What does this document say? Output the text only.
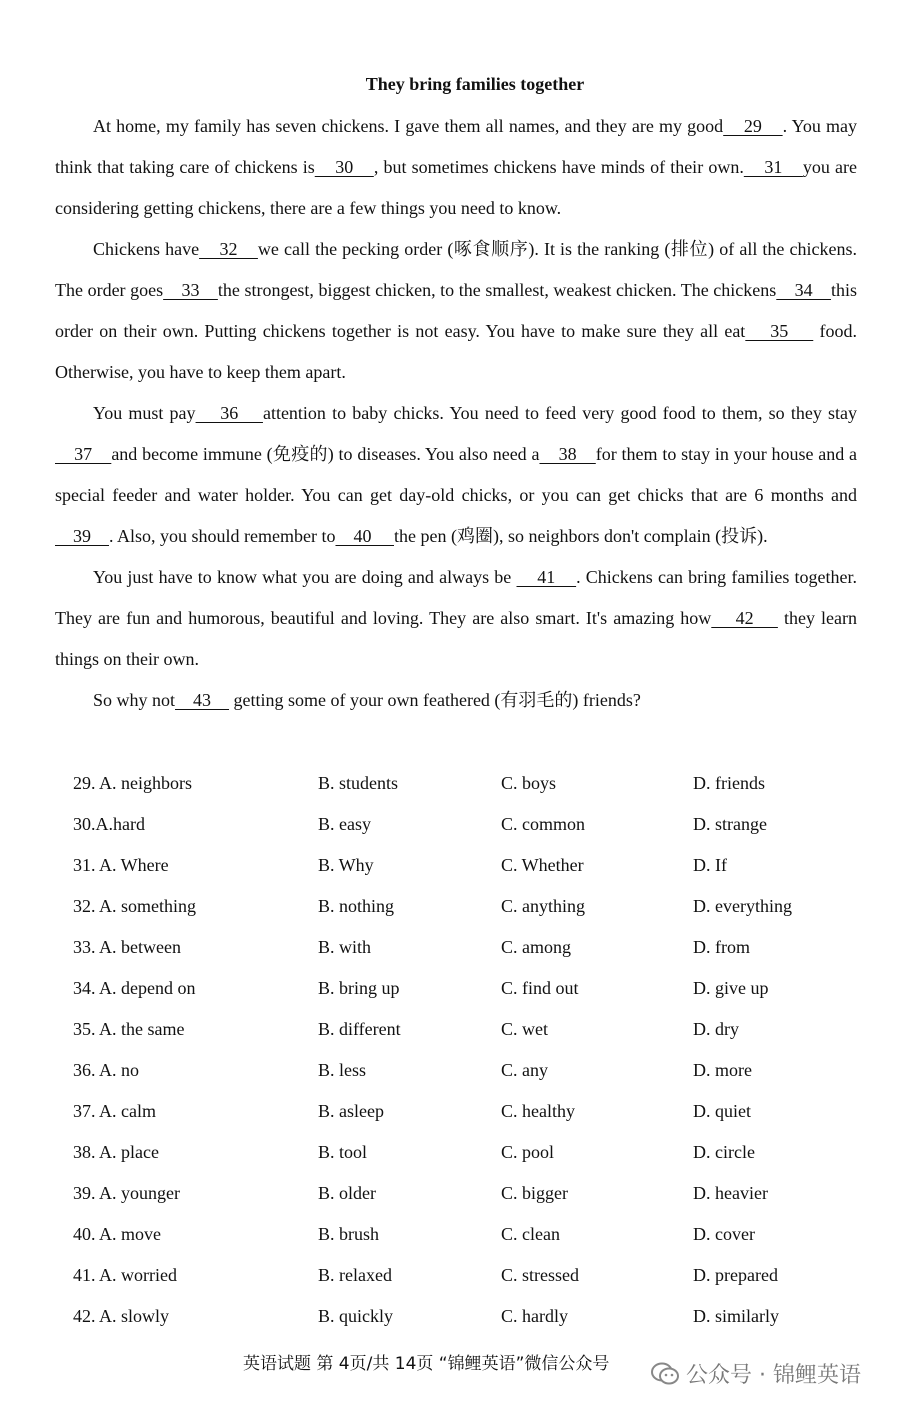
They bring families together

At home, my family has seven chickens. I gave them all names, and they are my good    29    . You may think that taking care of chickens is    30    , but sometimes chickens have minds of their own.    31    you are considering getting chickens, there are a few things you need to know.

Chickens have    32    we call the pecking order (啄食顺序). It is the ranking (排位) of all the chickens. The order goes    33    the strongest, biggest chicken, to the smallest, weakest chicken. The chickens    34    this order on their own. Putting chickens together is not easy. You have to make sure they all eat    35     food. Otherwise, you have to keep them apart.

You must pay    36    attention to baby chicks. You need to feed very good food to them, so they stay    37    and become immune (免疫的) to diseases. You also need a    38    for them to stay in your house and a special feeder and water holder. You can get day-old chicks, or you can get chicks that are 6 months and     39    . Also, you should remember to    40     the pen (鸡圈), so neighbors don't complain (投诉).

You just have to know what you are doing and always be     41    . Chickens can bring families together. They are fun and humorous, beautiful and loving. They are also smart. It's amazing how    42     they learn things on their own.

So why not    43     getting some of your own feathered (有羽毛的) friends?

29. A. neighbors	B. students	C. boys	D. friends
30.A.hard	B. easy	C. common	D. strange
31. A. Where	B. Why	C. Whether	D. If
32. A. something	B. nothing	C. anything	D. everything
33. A. between	B. with	C. among	D. from
34. A. depend on	B. bring up	C. find out	D. give up
35. A. the same	B. different	C. wet	D. dry
36. A. no	B. less	C. any	D. more
37. A. calm	B. asleep	C. healthy	D. quiet
38. A. place	B. tool	C. pool	D. circle
39. A. younger	B. older	C. bigger	D. heavier
40. A. move	B. brush	C. clean	D. cover
41. A. worried	B. relaxed	C. stressed	D. prepared
42. A. slowly	B. quickly	C. hardly	D. similarly
英语试题 第 4页/共 14页 “锦鲤英语”微信公众号	公众号 · 锦鲤英语
